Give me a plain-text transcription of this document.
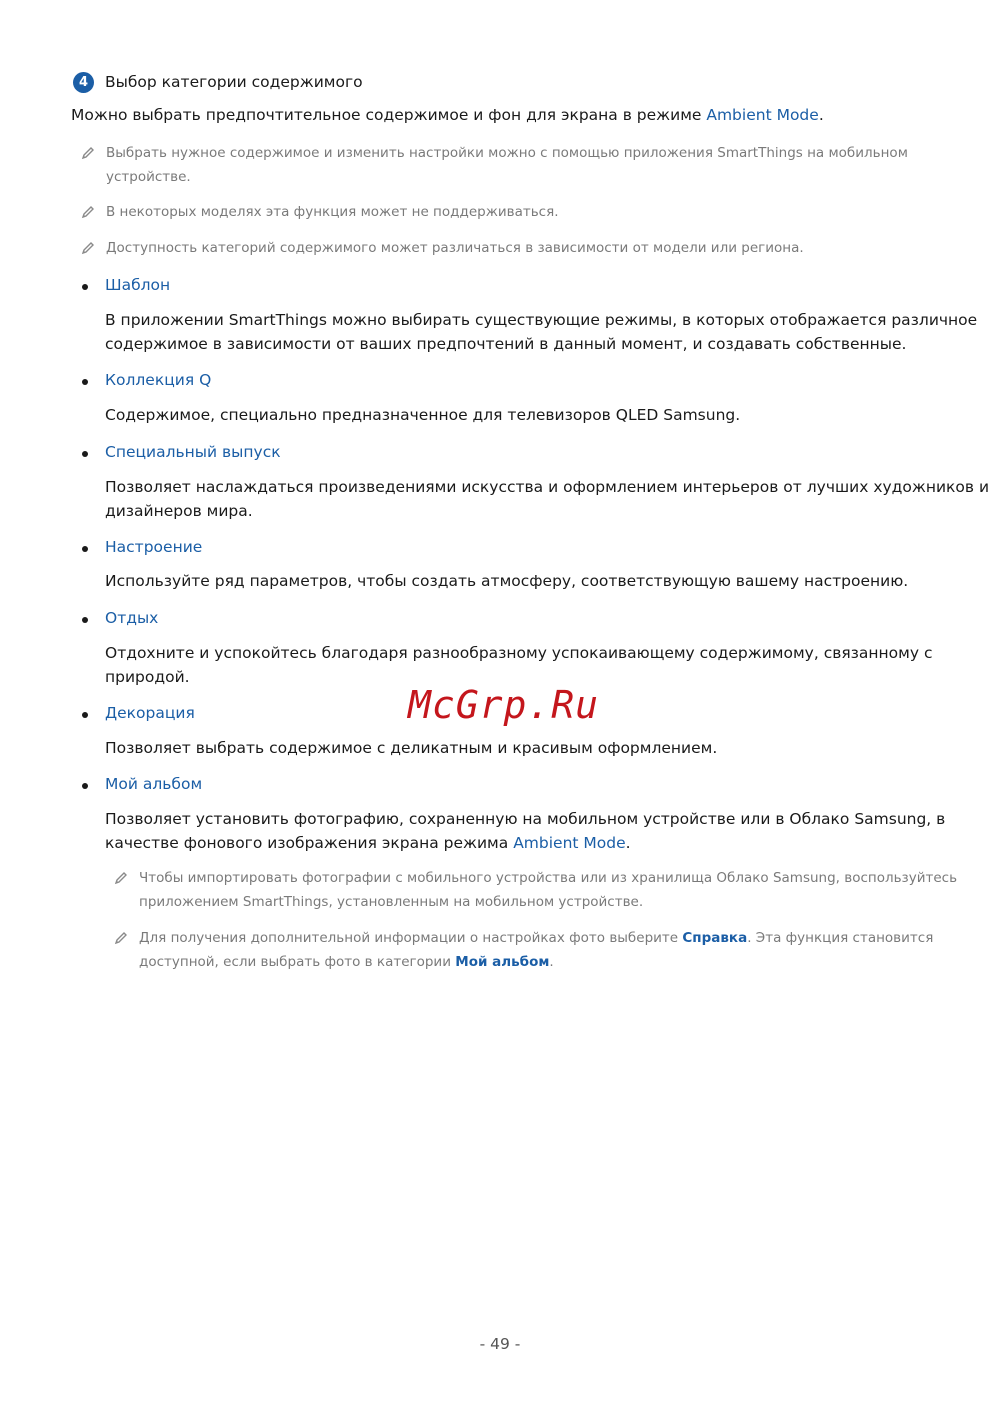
4	Выбор категории содержимого
Можно выбрать предпочтительное содержимое и фон для экрана в режиме Ambient Mode.
Выбрать нужное содержимое и изменить настройки можно с помощью приложения SmartThings на мобильном
устройстве.
В некоторых моделях эта функция может не поддерживаться.
Доступность категорий содержимого может различаться в зависимости от модели или региона.
Шаблон
В приложении SmartThings можно выбирать существующие режимы, в которых отображается различное
содержимое в зависимости от ваших предпочтений в данный момент, и создавать собственные.
Коллекция Q
Содержимое, специально предназначенное для телевизоров QLED Samsung.
Специальный выпуск
Позволяет наслаждаться произведениями искусства и оформлением интерьеров от лучших художников и
дизайнеров мира.
Настроение
Используйте ряд параметров, чтобы создать атмосферу, соответствующую вашему настроению.
Отдых
Отдохните и успокойтесь благодаря разнообразному успокаивающему содержимому, связанному с
природой.
McGrp.Ru
Декорация
Позволяет выбрать содержимое с деликатным и красивым оформлением.
Мой альбом
Позволяет установить фотографию, сохраненную на мобильном устройстве или в Облако Samsung, в
качестве фонового изображения экрана режима Ambient Mode.
Чтобы импортировать фотографии с мобильного устройства или из хранилища Облако Samsung, воспользуйтесь
приложением SmartThings, установленным на мобильном устройстве.
Для получения дополнительной информации о настройках фото выберите Справка. Эта функция становится
доступной, если выбрать фото в категории Мой альбом.
- 49 -
